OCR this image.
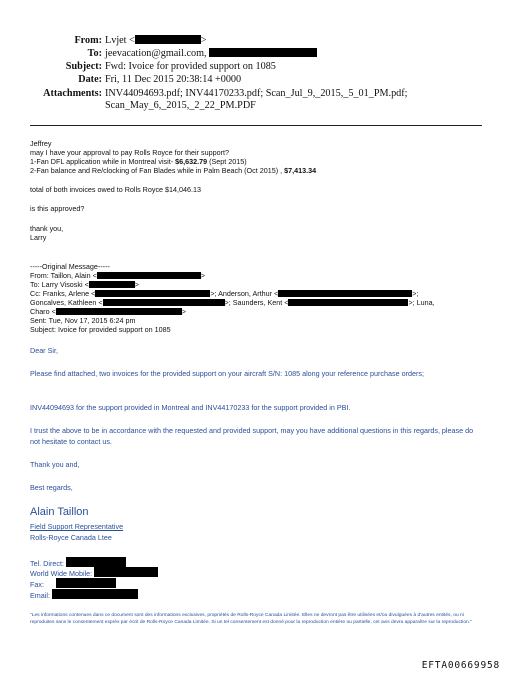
From: Lvjet <	>
To: jeevacation@gmail.com,
Subject: Fwd: Ivoice for provided support on 1085
Date: Fri, 11 Dec 2015 20:38:14 +0000
Attachments: INV44094693.pdf; INV44170233.pdf; Scan_Jul_9,_2015,_5_01_PM.pdf;
Scan_May_6,_2015,_2_22_PM.PDF
Jeffrey
may I have your approval to pay Rolls Royce for their support?
1-Fan DFL application while in Montreal visit- $6,632.79 (Sept 2015)
2-Fan balance and Re/clocking of Fan Blades while in Palm Beach (Oct 2015) , $7,413.34
total of both invoices owed to Rolls Royce $14,046.13
is this approved?
thank you,
Larry
-----Original Message-----
From: Taillon, Alain <	>
To: Larry Visoski <	>
Cc: Franks, Arlene <	>; Anderson, Arthur <	>;
Goncalves, Kathleen <	>; Saunders, Kent <	>; Luna,
Charo <	>
Sent: Tue, Nov 17, 2015 6:24 pm
Subject: Ivoice for provided support on 1085
Dear Sir,
Please find attached, two invoices for the provided support on your aircraft S/N: 1085 along your reference purchase orders;
INV44094693 for the support provided in Montreal and INV44170233 for the support provided in PBI.
I trust the above to be in accordance with the requested and provided support, may you have additional questions in this regards, please do not hesitate to contact us.
Thank you and,
Best regards,
Alain Taillon
Field Support Representative
Rolls-Royce Canada Ltee
Tel. Direct:
World Wide Mobile:
Fax:
Email:
"Les informations contenues dans ce document sont des informations exclusives, propriétés de Rolls-Royce Canada Limitée. Elles ne devront pas être utilisées et/ou divulguées à d'autres entités, ou ni reproduites sans le consentement exprès par écrit de Rolls-Royce Canada Limitée. Si un tel consentement est donné pour la reproduction entière ou partielle, cet avis devra apparaître sur la reproduction."
EFTA00669958
